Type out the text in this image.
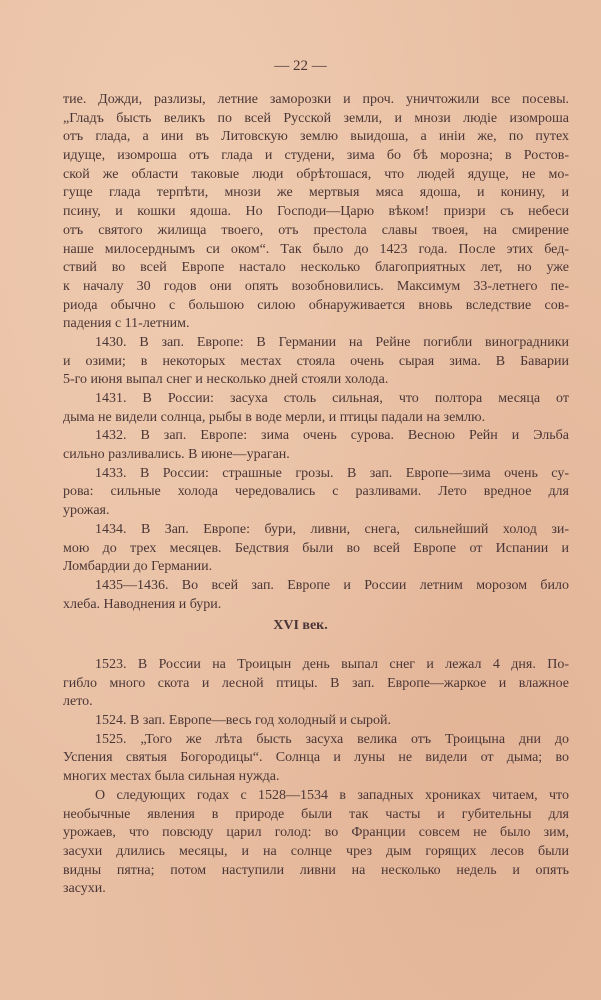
— 22 —
тие. Дожди, разлизы, летние заморозки и проч. уничтожили все посевы.
„Гладъ бысть великъ по всей Русской земли, и мнози людіе изомроша
отъ глада, а ини въ Литовскую землю выидоша, а иніи же, по путех
идуще, изомроша отъ глада и студени, зима бо бѣ морозна; в Ростов-
ской же области таковые люди обрѣтошася, что людей ядуще, не мо-
гуще глада терпѣти, мнози же мертвыя мяса ядоша, и конину, и
псину, и кошки ядоша. Но Господи—Царю вѣком! призри съ небеси
отъ святого жилища твоего, отъ престола славы твоея, на смирение
наше милосерднымъ си оком“. Так было до 1423 года. После этих бед-
ствий во всей Европе настало несколько благоприятных лет, но уже
к началу 30 годов они опять возобновились. Максимум 33-летнего пе-
риода обычно с большою силою обнаруживается вновь вследствие сов-
падения с 11-летним.
1430. В зап. Европе: В Германии на Рейне погибли виноградники
и озими; в некоторых местах стояла очень сырая зима. В Баварии
5-го июня выпал снег и несколько дней стояли холода.
1431. В России: засуха столь сильная, что полтора месяца от
дыма не видели солнца, рыбы в воде мерли, и птицы падали на землю.
1432. В зап. Европе: зима очень сурова. Весною Рейн и Эльба
сильно разливались. В июне—ураган.
1433. В России: страшные грозы. В зап. Европе—зима очень су-
рова: сильные холода чередовались с разливами. Лето вредное для
урожая.
1434. В Зап. Европе: бури, ливни, снега, сильнейший холод зи-
мою до трех месяцев. Бедствия были во всей Европе от Испании и
Ломбардии до Германии.
1435—1436. Во всей зап. Европе и России летним морозом било
хлеба. Наводнения и бури.
XVI век.
1523. В России на Троицын день выпал снег и лежал 4 дня. По-
гибло много скота и лесной птицы. В зап. Европе—жаркое и влажное
лето.
1524. В зап. Европе—весь год холодный и сырой.
1525. „Того же лѣта бысть засуха велика отъ Троицына дни до
Успения святыя Богородицы“. Солнца и луны не видели от дыма; во
многих местах была сильная нужда.
О следующих годах с 1528—1534 в западных хрониках читаем, что
необычные явления в природе были так часты и губительны для
урожаев, что повсюду царил голод: во Франции совсем не было зим,
засухи длились месяцы, и на солнце чрез дым горящих лесов были
видны пятна; потом наступили ливни на несколько недель и опять
засухи.
